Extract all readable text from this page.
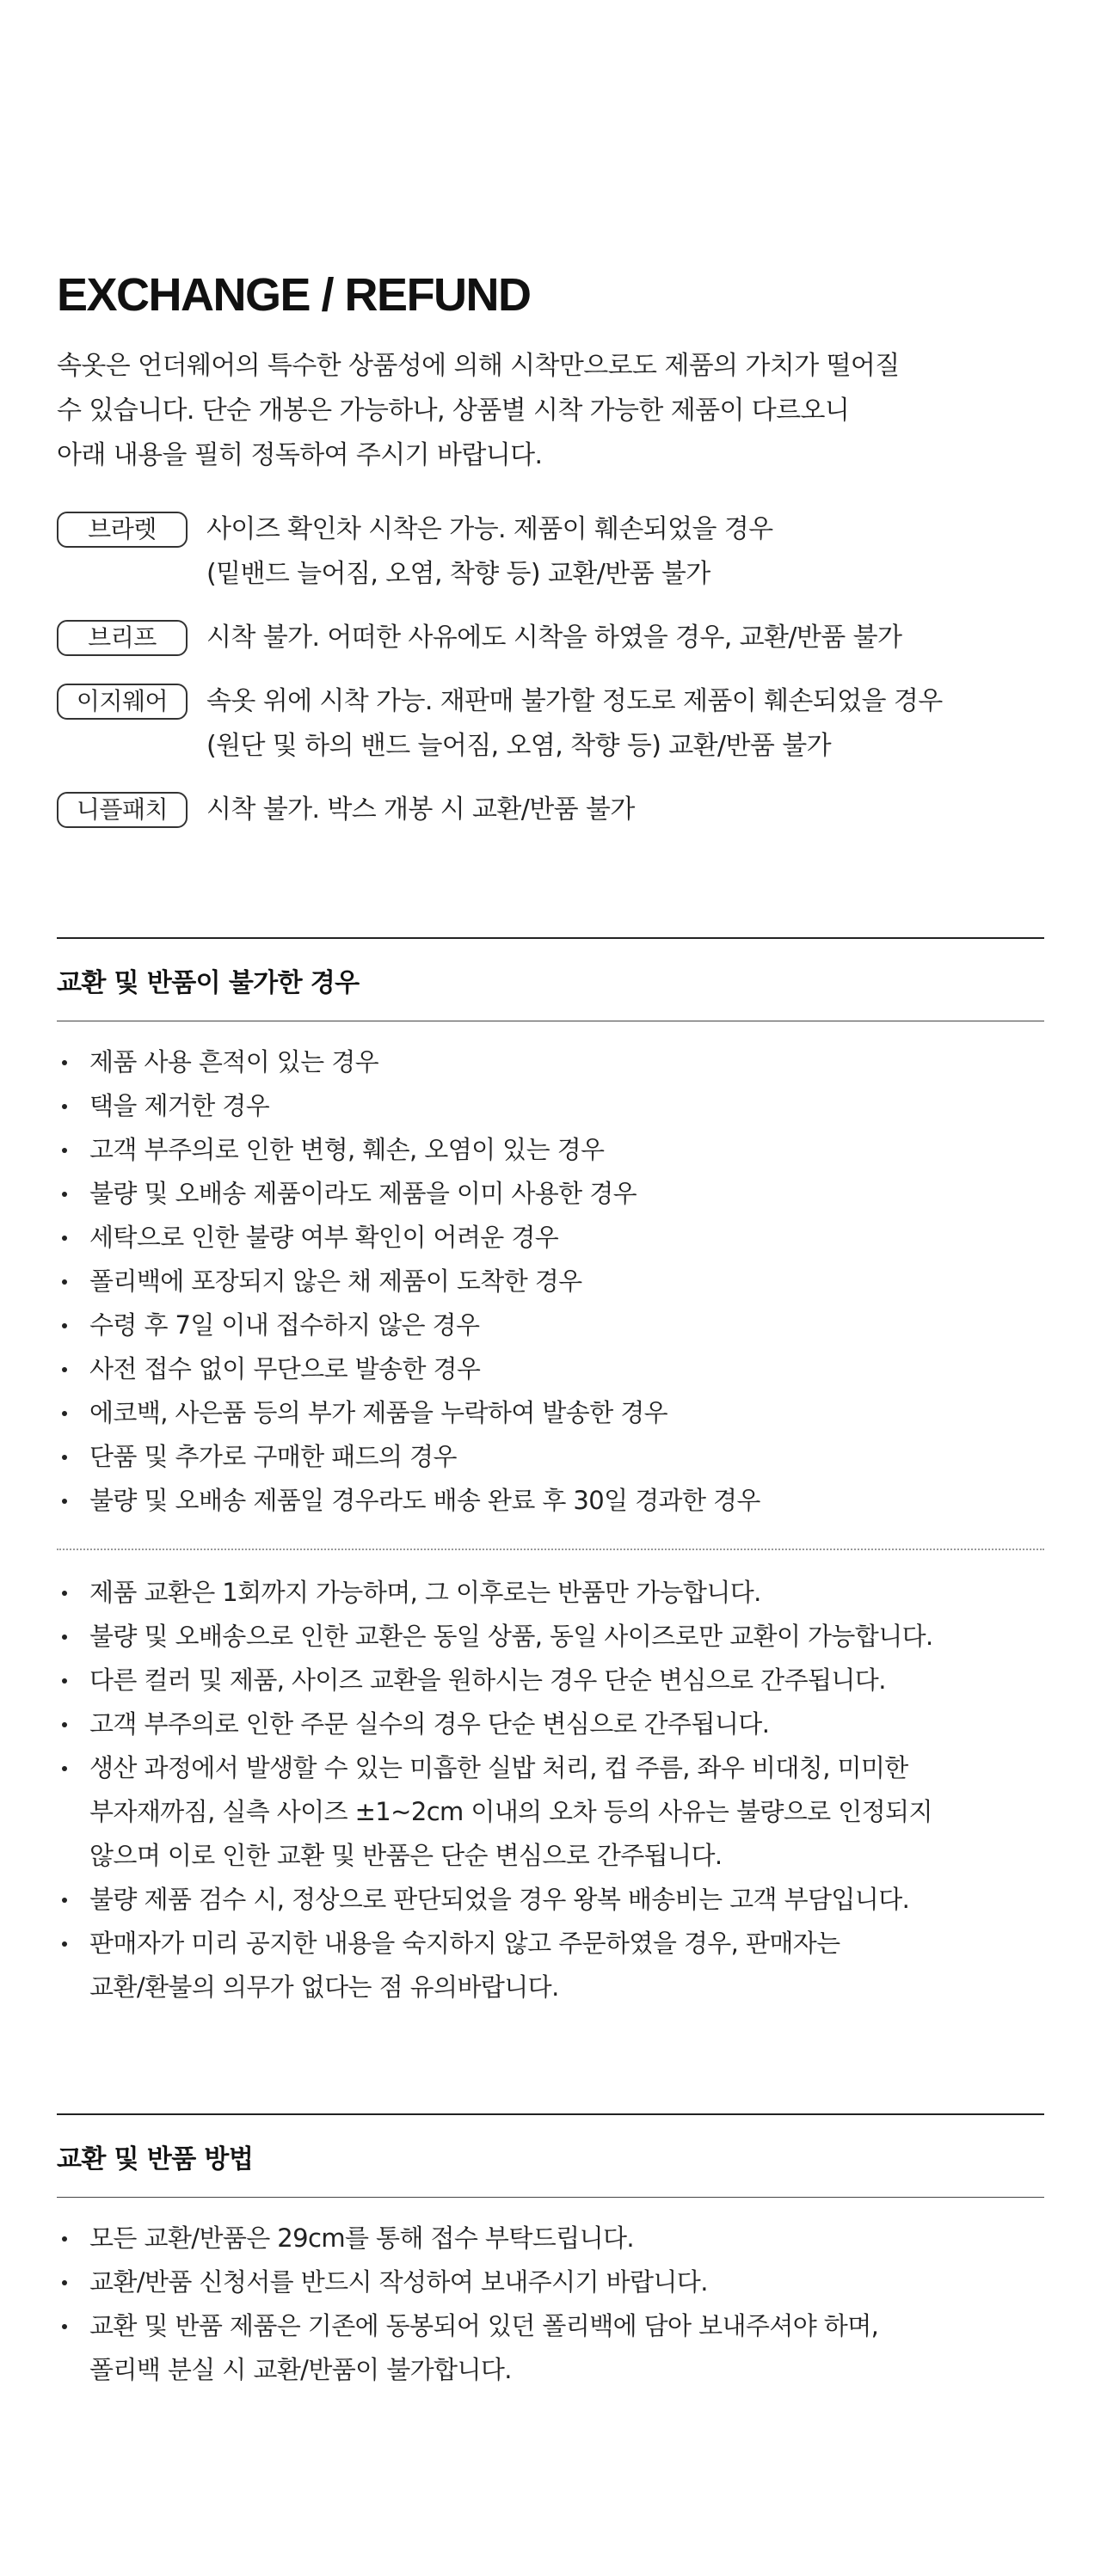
EXCHANGE / REFUND
속옷은 언더웨어의 특수한 상품성에 의해 시착만으로도 제품의 가치가 떨어질
수 있습니다. 단순 개봉은 가능하나, 상품별 시착 가능한 제품이 다르오니
아래 내용을 필히 정독하여 주시기 바랍니다.
브라렛	사이즈 확인차 시착은 가능. 제품이 훼손되었을 경우
(밑밴드 늘어짐, 오염, 착향 등) 교환/반품 불가
브리프	시착 불가. 어떠한 사유에도 시착을 하였을 경우, 교환/반품 불가
이지웨어	속옷 위에 시착 가능. 재판매 불가할 정도로 제품이 훼손되었을 경우
(원단 및 하의 밴드 늘어짐, 오염, 착향 등) 교환/반품 불가
니플패치	시착 불가. 박스 개봉 시 교환/반품 불가
교환 및 반품이 불가한 경우
제품 사용 흔적이 있는 경우
택을 제거한 경우
고객 부주의로 인한 변형, 훼손, 오염이 있는 경우
불량 및 오배송 제품이라도 제품을 이미 사용한 경우
세탁으로 인한 불량 여부 확인이 어려운 경우
폴리백에 포장되지 않은 채 제품이 도착한 경우
수령 후 7일 이내 접수하지 않은 경우
사전 접수 없이 무단으로 발송한 경우
에코백, 사은품 등의 부가 제품을 누락하여 발송한 경우
단품 및 추가로 구매한 패드의 경우
불량 및 오배송 제품일 경우라도 배송 완료 후 30일 경과한 경우
제품 교환은 1회까지 가능하며, 그 이후로는 반품만 가능합니다.
불량 및 오배송으로 인한 교환은 동일 상품, 동일 사이즈로만 교환이 가능합니다.
다른 컬러 및 제품, 사이즈 교환을 원하시는 경우 단순 변심으로 간주됩니다.
고객 부주의로 인한 주문 실수의 경우 단순 변심으로 간주됩니다.
생산 과정에서 발생할 수 있는 미흡한 실밥 처리, 컵 주름, 좌우 비대칭, 미미한
부자재까짐, 실측 사이즈 ±1~2cm 이내의 오차 등의 사유는 불량으로 인정되지
않으며 이로 인한 교환 및 반품은 단순 변심으로 간주됩니다.
불량 제품 검수 시, 정상으로 판단되었을 경우 왕복 배송비는 고객 부담입니다.
판매자가 미리 공지한 내용을 숙지하지 않고 주문하였을 경우, 판매자는
교환/환불의 의무가 없다는 점 유의바랍니다.
교환 및 반품 방법
모든 교환/반품은 29cm를 통해 접수 부탁드립니다.
교환/반품 신청서를 반드시 작성하여 보내주시기 바랍니다.
교환 및 반품 제품은 기존에 동봉되어 있던 폴리백에 담아 보내주셔야 하며,
폴리백 분실 시 교환/반품이 불가합니다.
